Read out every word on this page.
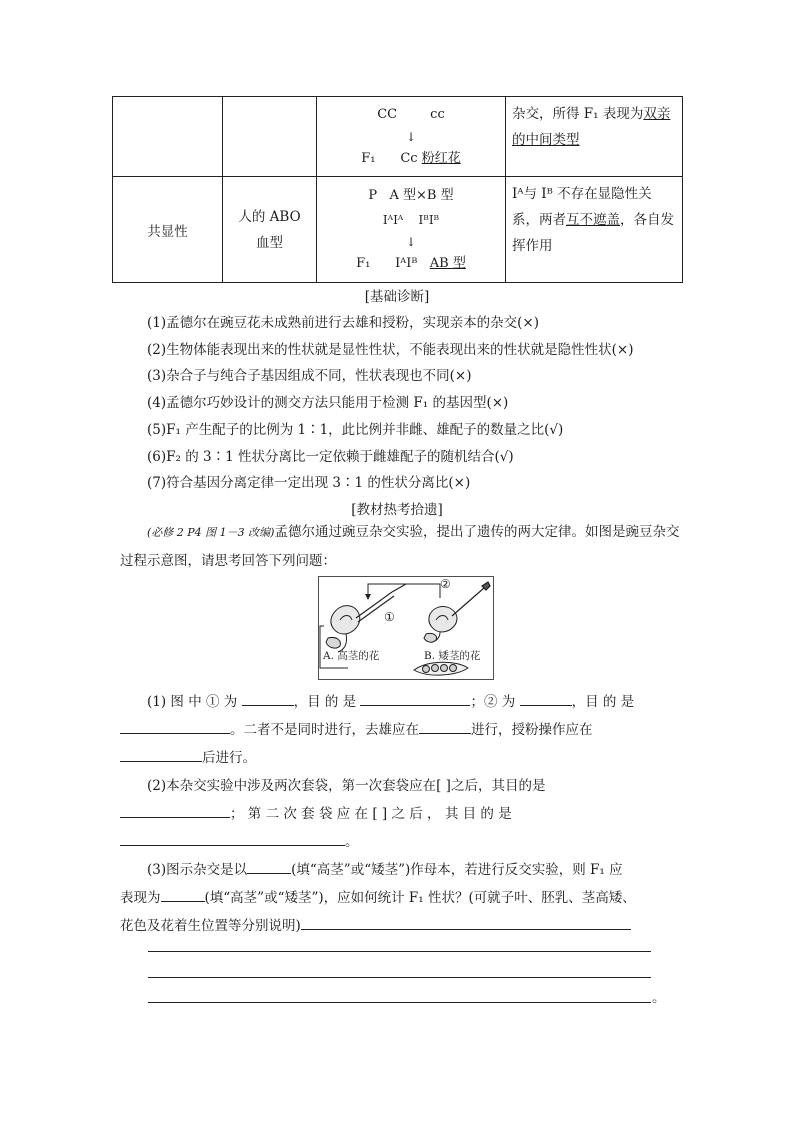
		CC        cc
↓
F₁ Cc 粉红花	杂交，所得 F₁ 表现为双亲的中间类型
共显性	人的 ABO 血型	P   A 型×B 型
IᴬIᴬ    IᴮIᴮ
↓
F₁ IᴬIᴮ AB 型	Iᴬ与 Iᴮ 不存在显隐性关系，两者互不遮盖，各自发挥作用
[基础诊断]
(1)孟德尔在豌豆花未成熟前进行去雄和授粉，实现亲本的杂交(×)
(2)生物体能表现出来的性状就是显性性状，不能表现出来的性状就是隐性性状(×)
(3)杂合子与纯合子基因组成不同，性状表现也不同(×)
(4)孟德尔巧妙设计的测交方法只能用于检测 F₁ 的基因型(×)
(5)F₁ 产生配子的比例为 1∶1，此比例并非雌、雄配子的数量之比(√)
(6)F₂ 的 3∶1 性状分离比一定依赖于雌雄配子的随机结合(√)
(7)符合基因分离定律一定出现 3∶1 的性状分离比(×)
[教材热考拾遗]
(必修 2 P4 图 1－3 改编)孟德尔通过豌豆杂交实验，提出了遗传的两大定律。如图是豌豆杂交过程示意图，请思考回答下列问题：
①
②
A. 高茎的花	B. 矮茎的花
(1) 图 中 ① 为	，目 的 是	；② 为	，目 的 是
。二者不是同时进行，去雄应在	进行，授粉操作应在
后进行。
(2)本杂交实验中涉及两次套袋，第一次套袋应在[ ]之后，其目的是
； 第 二 次 套 袋 应 在 [ ] 之 后 ， 其 目 的 是
。
(3)图示杂交是以	(填“高茎”或“矮茎”)作母本，若进行反交实验，则 F₁ 应
表现为	(填“高茎”或“矮茎”)，应如何统计 F₁ 性状？(可就子叶、胚乳、茎高矮、
花色及花着生位置等分别说明)
。
